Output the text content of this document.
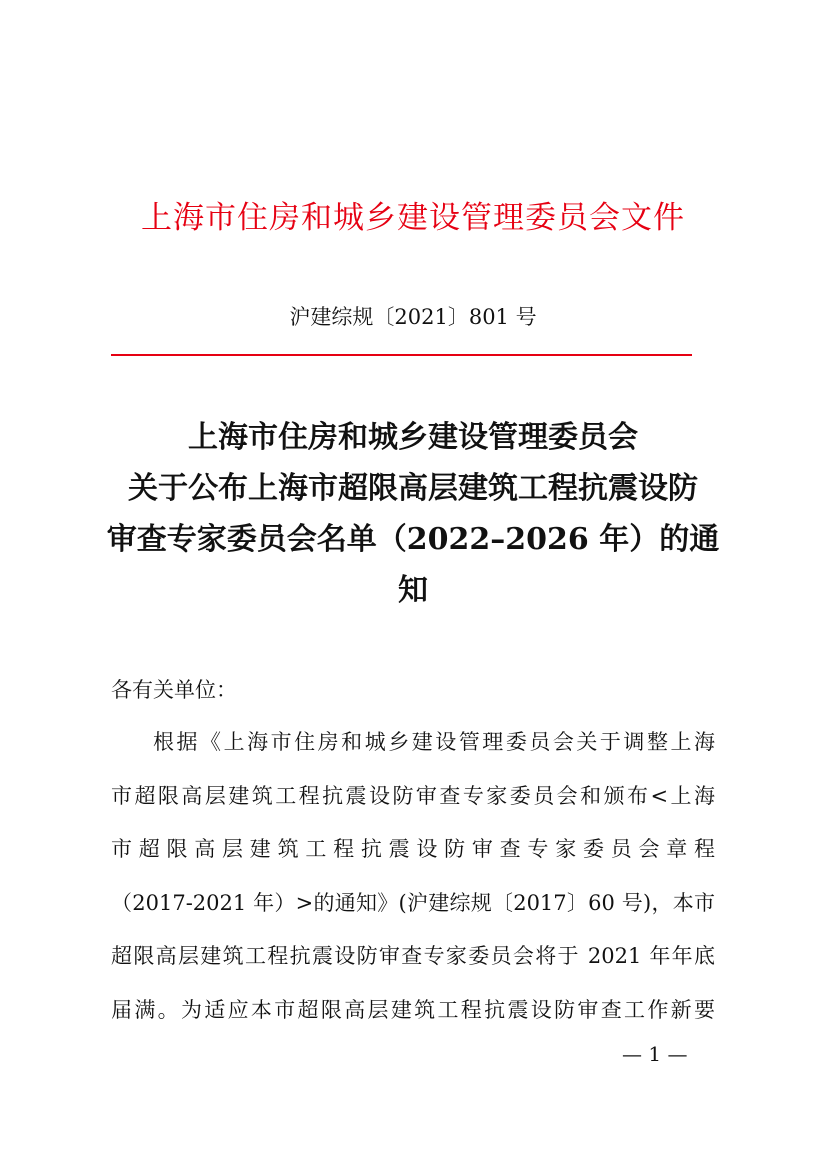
上海市住房和城乡建设管理委员会文件
沪建综规〔2021〕801 号
上海市住房和城乡建设管理委员会
关于公布上海市超限高层建筑工程抗震设防
审查专家委员会名单（2022–2026 年）的通
知
各有关单位：
根据《上海市住房和城乡建设管理委员会关于调整上海
市超限高层建筑工程抗震设防审查专家委员会和颁布<上海
市超限高层建筑工程抗震设防审查专家委员会章程
（2017-2021 年）>的通知》(沪建综规〔2017〕60 号)，本市
超限高层建筑工程抗震设防审查专家委员会将于 2021 年年底
届满。为适应本市超限高层建筑工程抗震设防审查工作新要
— 1 —
